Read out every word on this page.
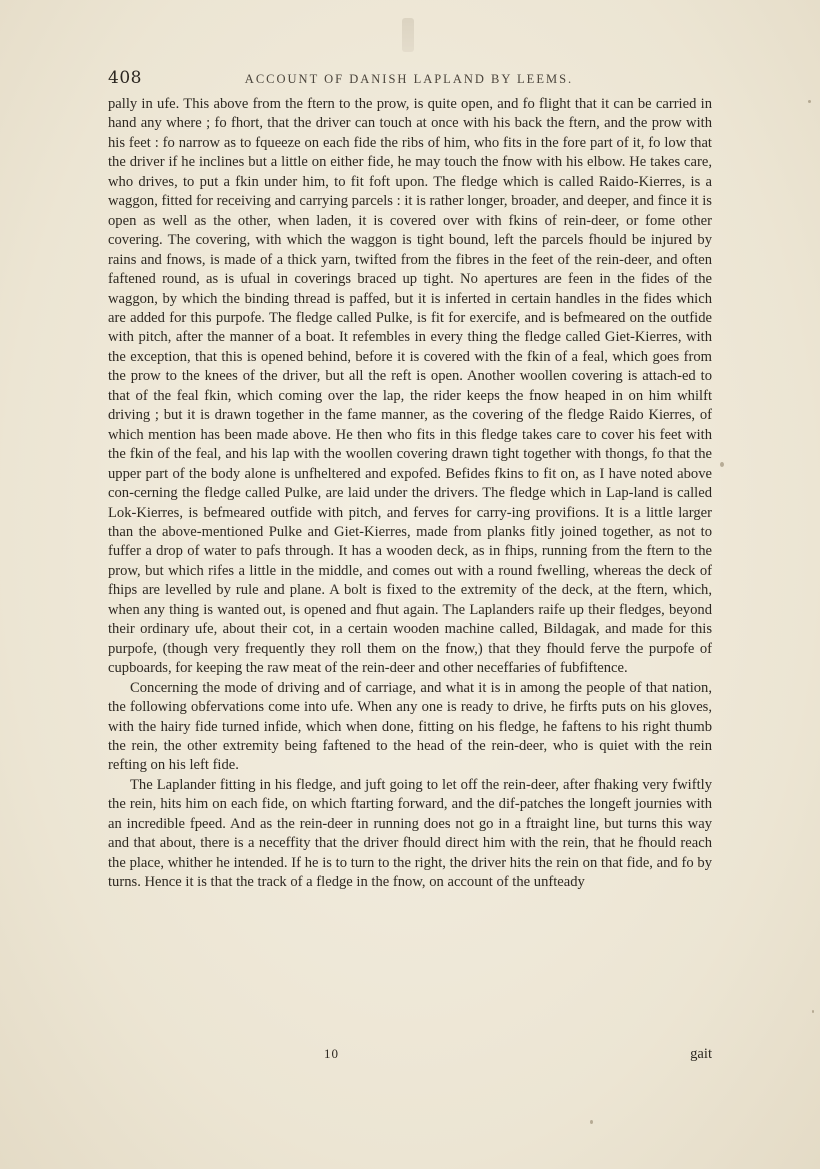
408	ACCOUNT OF DANISH LAPLAND BY LEEMS.

pally in ufe. This above from the ftern to the prow, is quite open, and fo flight that it can be carried in hand any where ; fo fhort, that the driver can touch at once with his back the ftern, and the prow with his feet : fo narrow as to fqueeze on each fide the ribs of him, who fits in the fore part of it, fo low that the driver if he inclines but a little on either fide, he may touch the fnow with his elbow. He takes care, who drives, to put a fkin under him, to fit foft upon. The fledge which is called Raido-Kierres, is a waggon, fitted for receiving and carrying parcels : it is rather longer, broader, and deeper, and fince it is open as well as the other, when laden, it is covered over with fkins of rein-deer, or fome other covering. The covering, with which the waggon is tight bound, left the parcels fhould be injured by rains and fnows, is made of a thick yarn, twifted from the fibres in the feet of the rein-deer, and often faftened round, as is ufual in coverings braced up tight. No apertures are feen in the fides of the waggon, by which the binding thread is paffed, but it is inferted in certain handles in the fides which are added for this purpofe. The fledge called Pulke, is fit for exercife, and is befmeared on the outfide with pitch, after the manner of a boat. It refembles in every thing the fledge called Giet-Kierres, with the exception, that this is opened behind, before it is covered with the fkin of a feal, which goes from the prow to the knees of the driver, but all the reft is open. Another woollen covering is attach-ed to that of the feal fkin, which coming over the lap, the rider keeps the fnow heaped in on him whilft driving ; but it is drawn together in the fame manner, as the covering of the fledge Raido Kierres, of which mention has been made above. He then who fits in this fledge takes care to cover his feet with the fkin of the feal, and his lap with the woollen covering drawn tight together with thongs, fo that the upper part of the body alone is unfheltered and expofed. Befides fkins to fit on, as I have noted above con-cerning the fledge called Pulke, are laid under the drivers. The fledge which in Lap-land is called Lok-Kierres, is befmeared outfide with pitch, and ferves for carry-ing provifions. It is a little larger than the above-mentioned Pulke and Giet-Kierres, made from planks fitly joined together, as not to fuffer a drop of water to pafs through. It has a wooden deck, as in fhips, running from the ftern to the prow, but which rifes a little in the middle, and comes out with a round fwelling, whereas the deck of fhips are levelled by rule and plane. A bolt is fixed to the extremity of the deck, at the ftern, which, when any thing is wanted out, is opened and fhut again. The Laplanders raife up their fledges, beyond their ordinary ufe, about their cot, in a certain wooden machine called, Bildagak, and made for this purpofe, (though very frequently they roll them on the fnow,) that they fhould ferve the purpofe of cupboards, for keeping the raw meat of the rein-deer and other neceffaries of fubfiftence.

Concerning the mode of driving and of carriage, and what it is in among the people of that nation, the following obfervations come into ufe. When any one is ready to drive, he firfts puts on his gloves, with the hairy fide turned infide, which when done, fitting on his fledge, he faftens to his right thumb the rein, the other extremity being faftened to the head of the rein-deer, who is quiet with the rein refting on his left fide.

The Laplander fitting in his fledge, and juft going to let off the rein-deer, after fhaking very fwiftly the rein, hits him on each fide, on which ftarting forward, and the dif-patches the longeft journies with an incredible fpeed. And as the rein-deer in running does not go in a ftraight line, but turns this way and that about, there is a neceffity that the driver fhould direct him with the rein, that he fhould reach the place, whither he intended. If he is to turn to the right, the driver hits the rein on that fide, and fo by turns. Hence it is that the track of a fledge in the fnow, on account of the unfteady

10	gait
